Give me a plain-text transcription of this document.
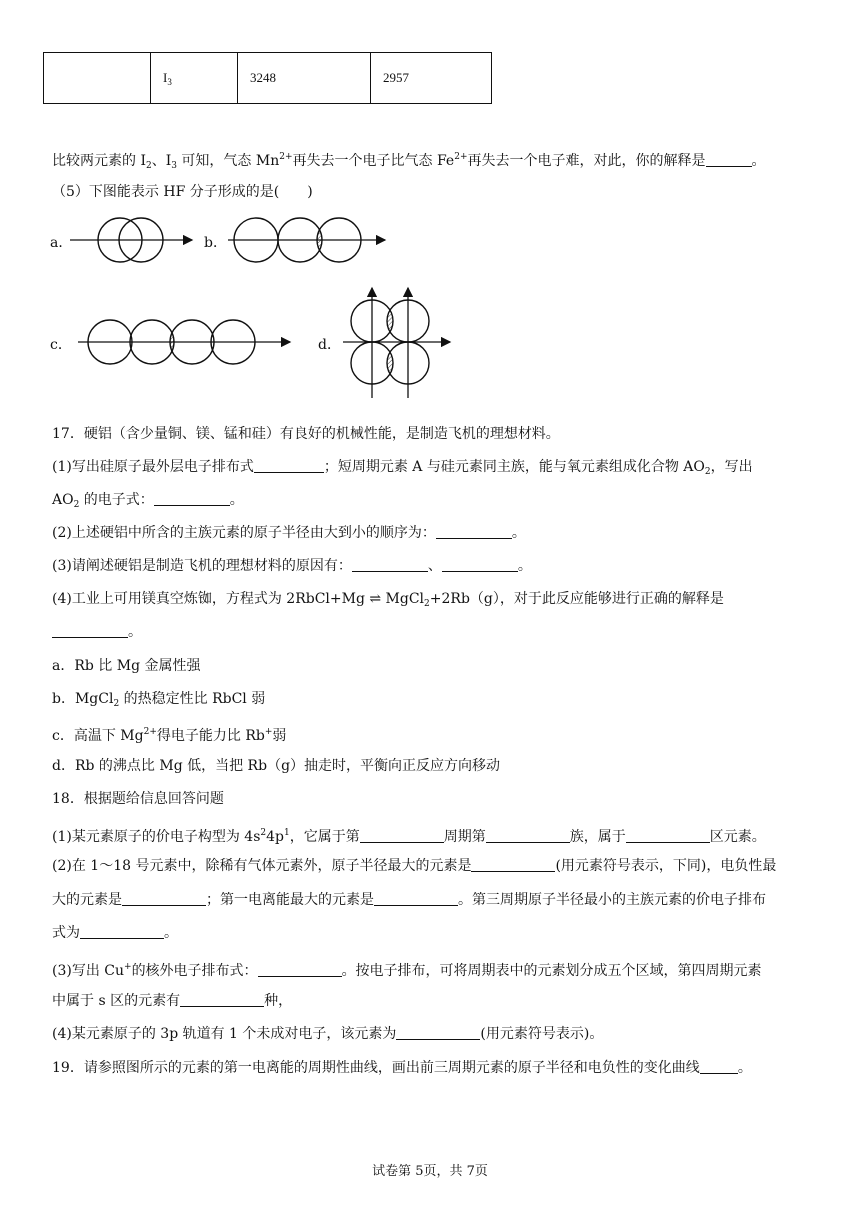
	$I_3$	3248	2957
比较两元素的 $I_2$、$I_3$ 可知，气态 $Mn^{2+}$再失去一个电子比气态 $Fe^{2+}$再失去一个电子难，对此，你的解释是	。
（5）下图能表示 HF 分子形成的是(　　)
a．	b．
c．	d．
17．硬铝（含少量铜、镁、锰和硅）有良好的机械性能，是制造飞机的理想材料。
(1)写出硅原子最外层电子排布式	；短周期元素 A 与硅元素同主族，能与氧元素组成化合物 $AO_2$，写出
$AO_2$ 的电子式：	。
(2)上述硬铝中所含的主族元素的原子半径由大到小的顺序为：	。
(3)请阐述硬铝是制造飞机的理想材料的原因有：	、	。
(4)工业上可用镁真空炼铷，方程式为 2RbCl+Mg ⇌ MgCl$_2$+2Rb（g），对于此反应能够进行正确的解释是
。
a．Rb 比 Mg 金属性强
b．MgCl$_2$ 的热稳定性比 RbCl 弱
c．高温下 $Mg^{2+}$得电子能力比 Rb+弱
d．Rb 的沸点比 Mg 低，当把 Rb（g）抽走时，平衡向正反应方向移动
18．根据题给信息回答问题
(1)某元素原子的价电子构型为 $4s^24p^1$，它属于第	周期第	族，属于	区元素。
(2)在 1～18 号元素中，除稀有气体元素外，原子半径最大的元素是	(用元素符号表示，下同)，电负性最
大的元素是	；第一电离能最大的元素是	。第三周期原子半径最小的主族元素的价电子排布
式为	。
(3)写出 Cu+的核外电子排布式：	。按电子排布，可将周期表中的元素划分成五个区域，第四周期元素
中属于 s 区的元素有	种，
(4)某元素原子的 3p 轨道有 1 个未成对电子，该元素为	(用元素符号表示)。
19．请参照图所示的元素的第一电离能的周期性曲线，画出前三周期元素的原子半径和电负性的变化曲线	。
试卷第 5页，共 7页
